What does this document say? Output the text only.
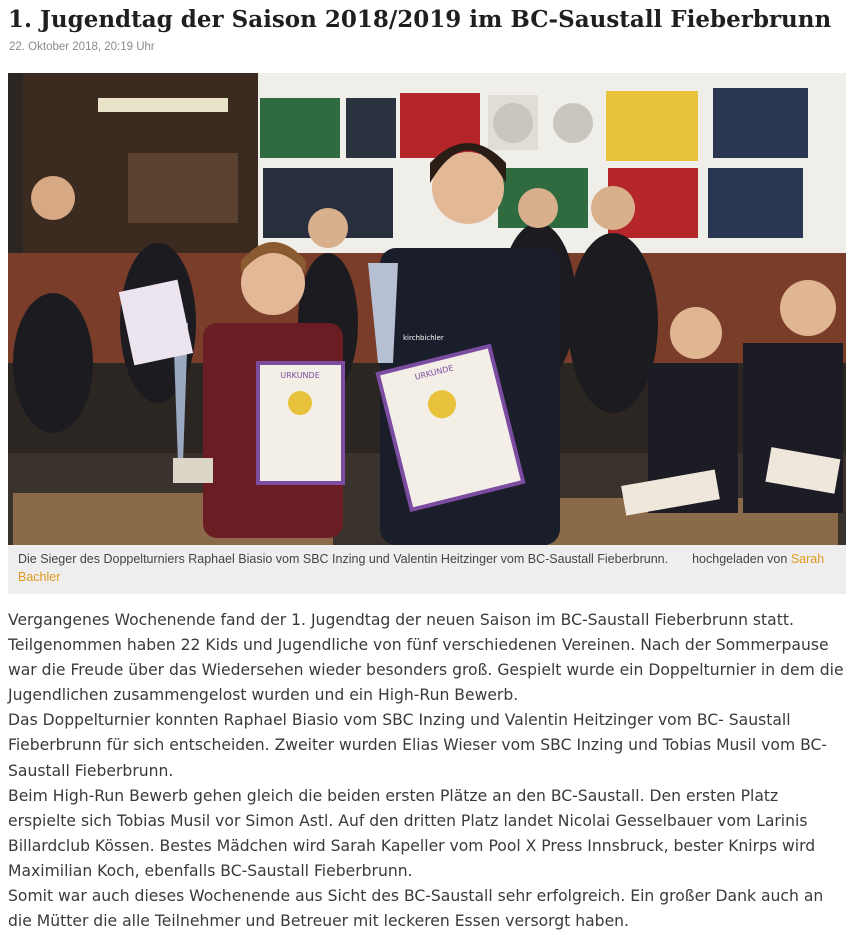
1. Jugendtag der Saison 2018/2019 im BC-Saustall Fieberbrunn
22. Oktober 2018, 20:19 Uhr
URKUNDE	URKUNDE
kirchbichler
Die Sieger des Doppelturniers Raphael Biasio vom SBC Inzing und Valentin Heitzinger vom BC-Saustall Fieberbrunn. hochgeladen von Sarah Bachler

Vergangenes Wochenende fand der 1. Jugendtag der neuen Saison im BC-Saustall Fieberbrunn statt. Teilgenommen haben 22 Kids und Jugendliche von fünf verschiedenen Vereinen. Nach der Sommerpause war die Freude über das Wiedersehen wieder besonders groß. Gespielt wurde ein Doppelturnier in dem die Jugendlichen zusammengelost wurden und ein High-Run Bewerb.

Das Doppelturnier konnten Raphael Biasio vom SBC Inzing und Valentin Heitzinger vom BC- Saustall Fieberbrunn für sich entscheiden. Zweiter wurden Elias Wieser vom SBC Inzing und Tobias Musil vom BC-Saustall Fieberbrunn.

Beim High-Run Bewerb gehen gleich die beiden ersten Plätze an den BC-Saustall. Den ersten Platz erspielte sich Tobias Musil vor Simon Astl. Auf den dritten Platz landet Nicolai Gesselbauer vom Larinis Billardclub Kössen. Bestes Mädchen wird Sarah Kapeller vom Pool X Press Innsbruck, bester Knirps wird Maximilian Koch, ebenfalls BC-Saustall Fieberbrunn.

Somit war auch dieses Wochenende aus Sicht des BC-Saustall sehr erfolgreich. Ein großer Dank auch an die Mütter die alle Teilnehmer und Betreuer mit leckeren Essen versorgt haben.
